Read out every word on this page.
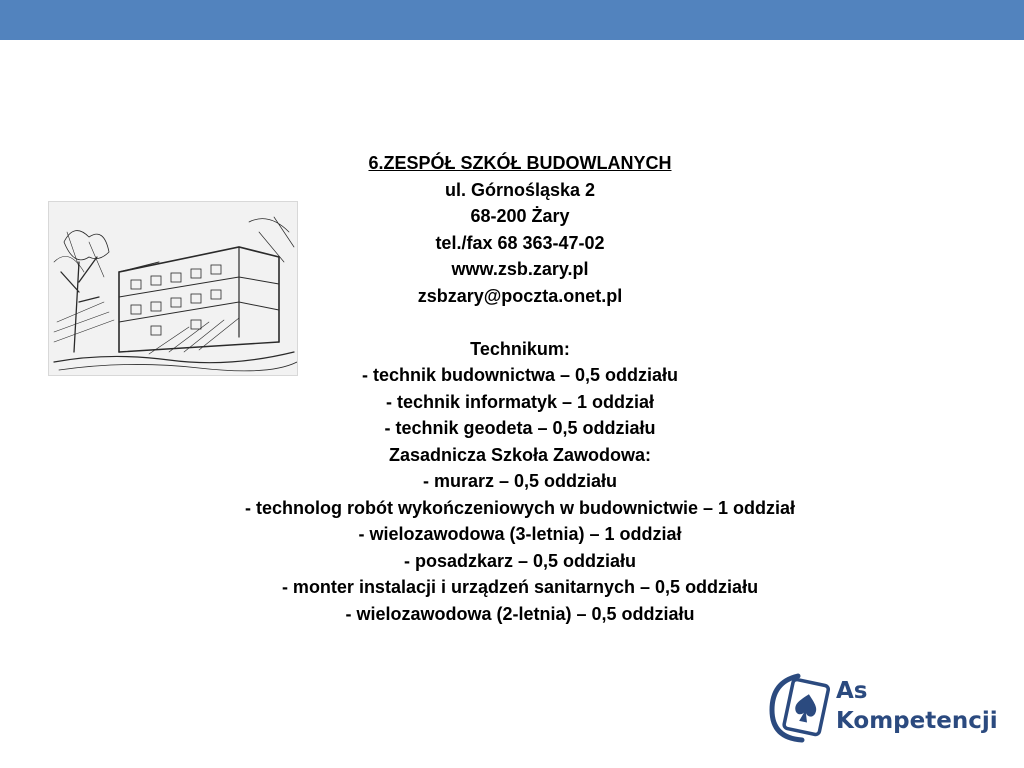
6.ZESPÓŁ SZKÓŁ BUDOWLANYCH
ul. Górnośląska 2
68-200 Żary
tel./fax 68 363-47-02
www.zsb.zary.pl
zsbzary@poczta.onet.pl
Technikum:
- technik budownictwa – 0,5 oddziału
- technik informatyk – 1 oddział
- technik geodeta – 0,5 oddziału
Zasadnicza Szkoła Zawodowa:
- murarz – 0,5 oddziału
- technolog robót wykończeniowych w budownictwie – 1 oddział
- wielozawodowa (3-letnia) – 1 oddział
- posadzkarz – 0,5 oddziału
- monter instalacji i urządzeń sanitarnych – 0,5 oddziału
- wielozawodowa (2-letnia) – 0,5 oddziału
As
Kompetencji
